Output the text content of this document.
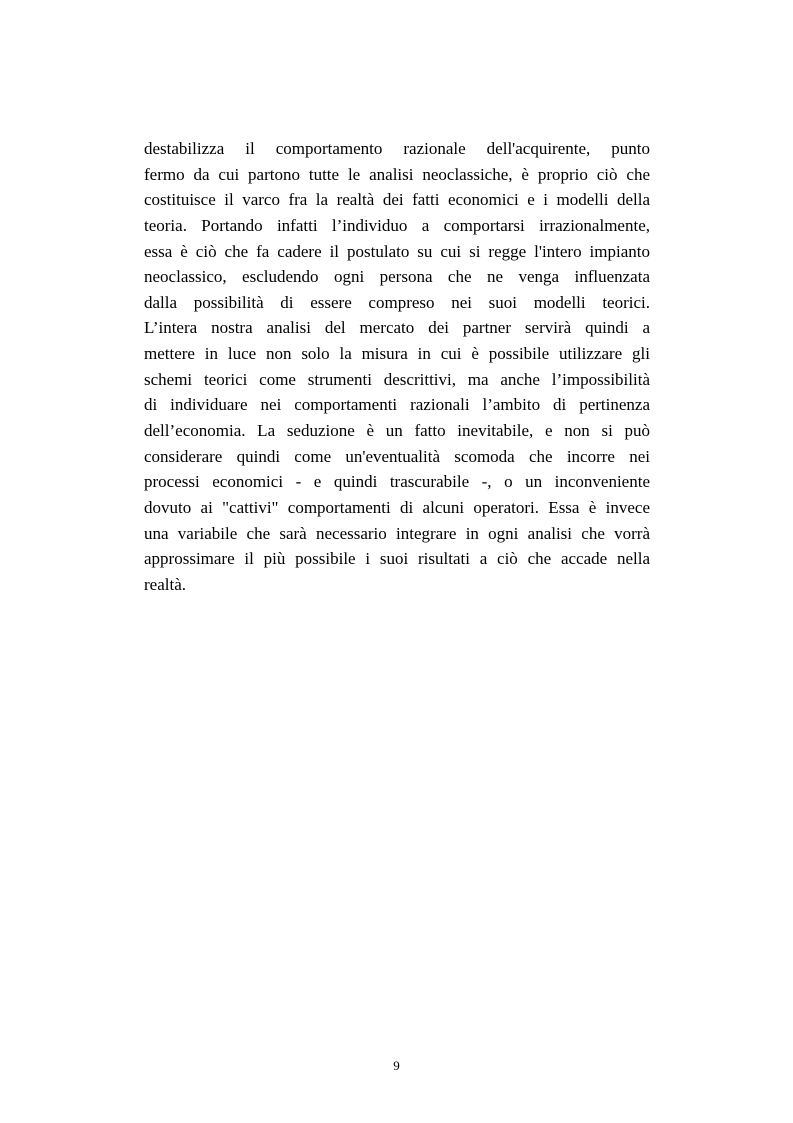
destabilizza il comportamento razionale dell'acquirente, punto
fermo da cui partono tutte le analisi neoclassiche, è proprio ciò che
costituisce il varco fra la realtà dei fatti economici e i modelli della
teoria. Portando infatti l’individuo a comportarsi irrazionalmente,
essa è ciò che fa cadere il postulato su cui si regge l'intero impianto
neoclassico, escludendo ogni persona che ne venga influenzata
dalla possibilità di essere compreso nei suoi modelli teorici.
L’intera nostra analisi del mercato dei partner servirà quindi a
mettere in luce non solo la misura in cui è possibile utilizzare gli
schemi teorici come strumenti descrittivi, ma anche l’impossibilità
di individuare nei comportamenti razionali l’ambito di pertinenza
dell’economia. La seduzione è un fatto inevitabile, e non si può
considerare quindi come un'eventualità scomoda che incorre nei
processi economici - e quindi trascurabile -, o un inconveniente
dovuto ai "cattivi" comportamenti di alcuni operatori. Essa è invece
una variabile che sarà necessario integrare in ogni analisi che vorrà
approssimare il più possibile i suoi risultati a ciò che accade nella
realtà.
9
